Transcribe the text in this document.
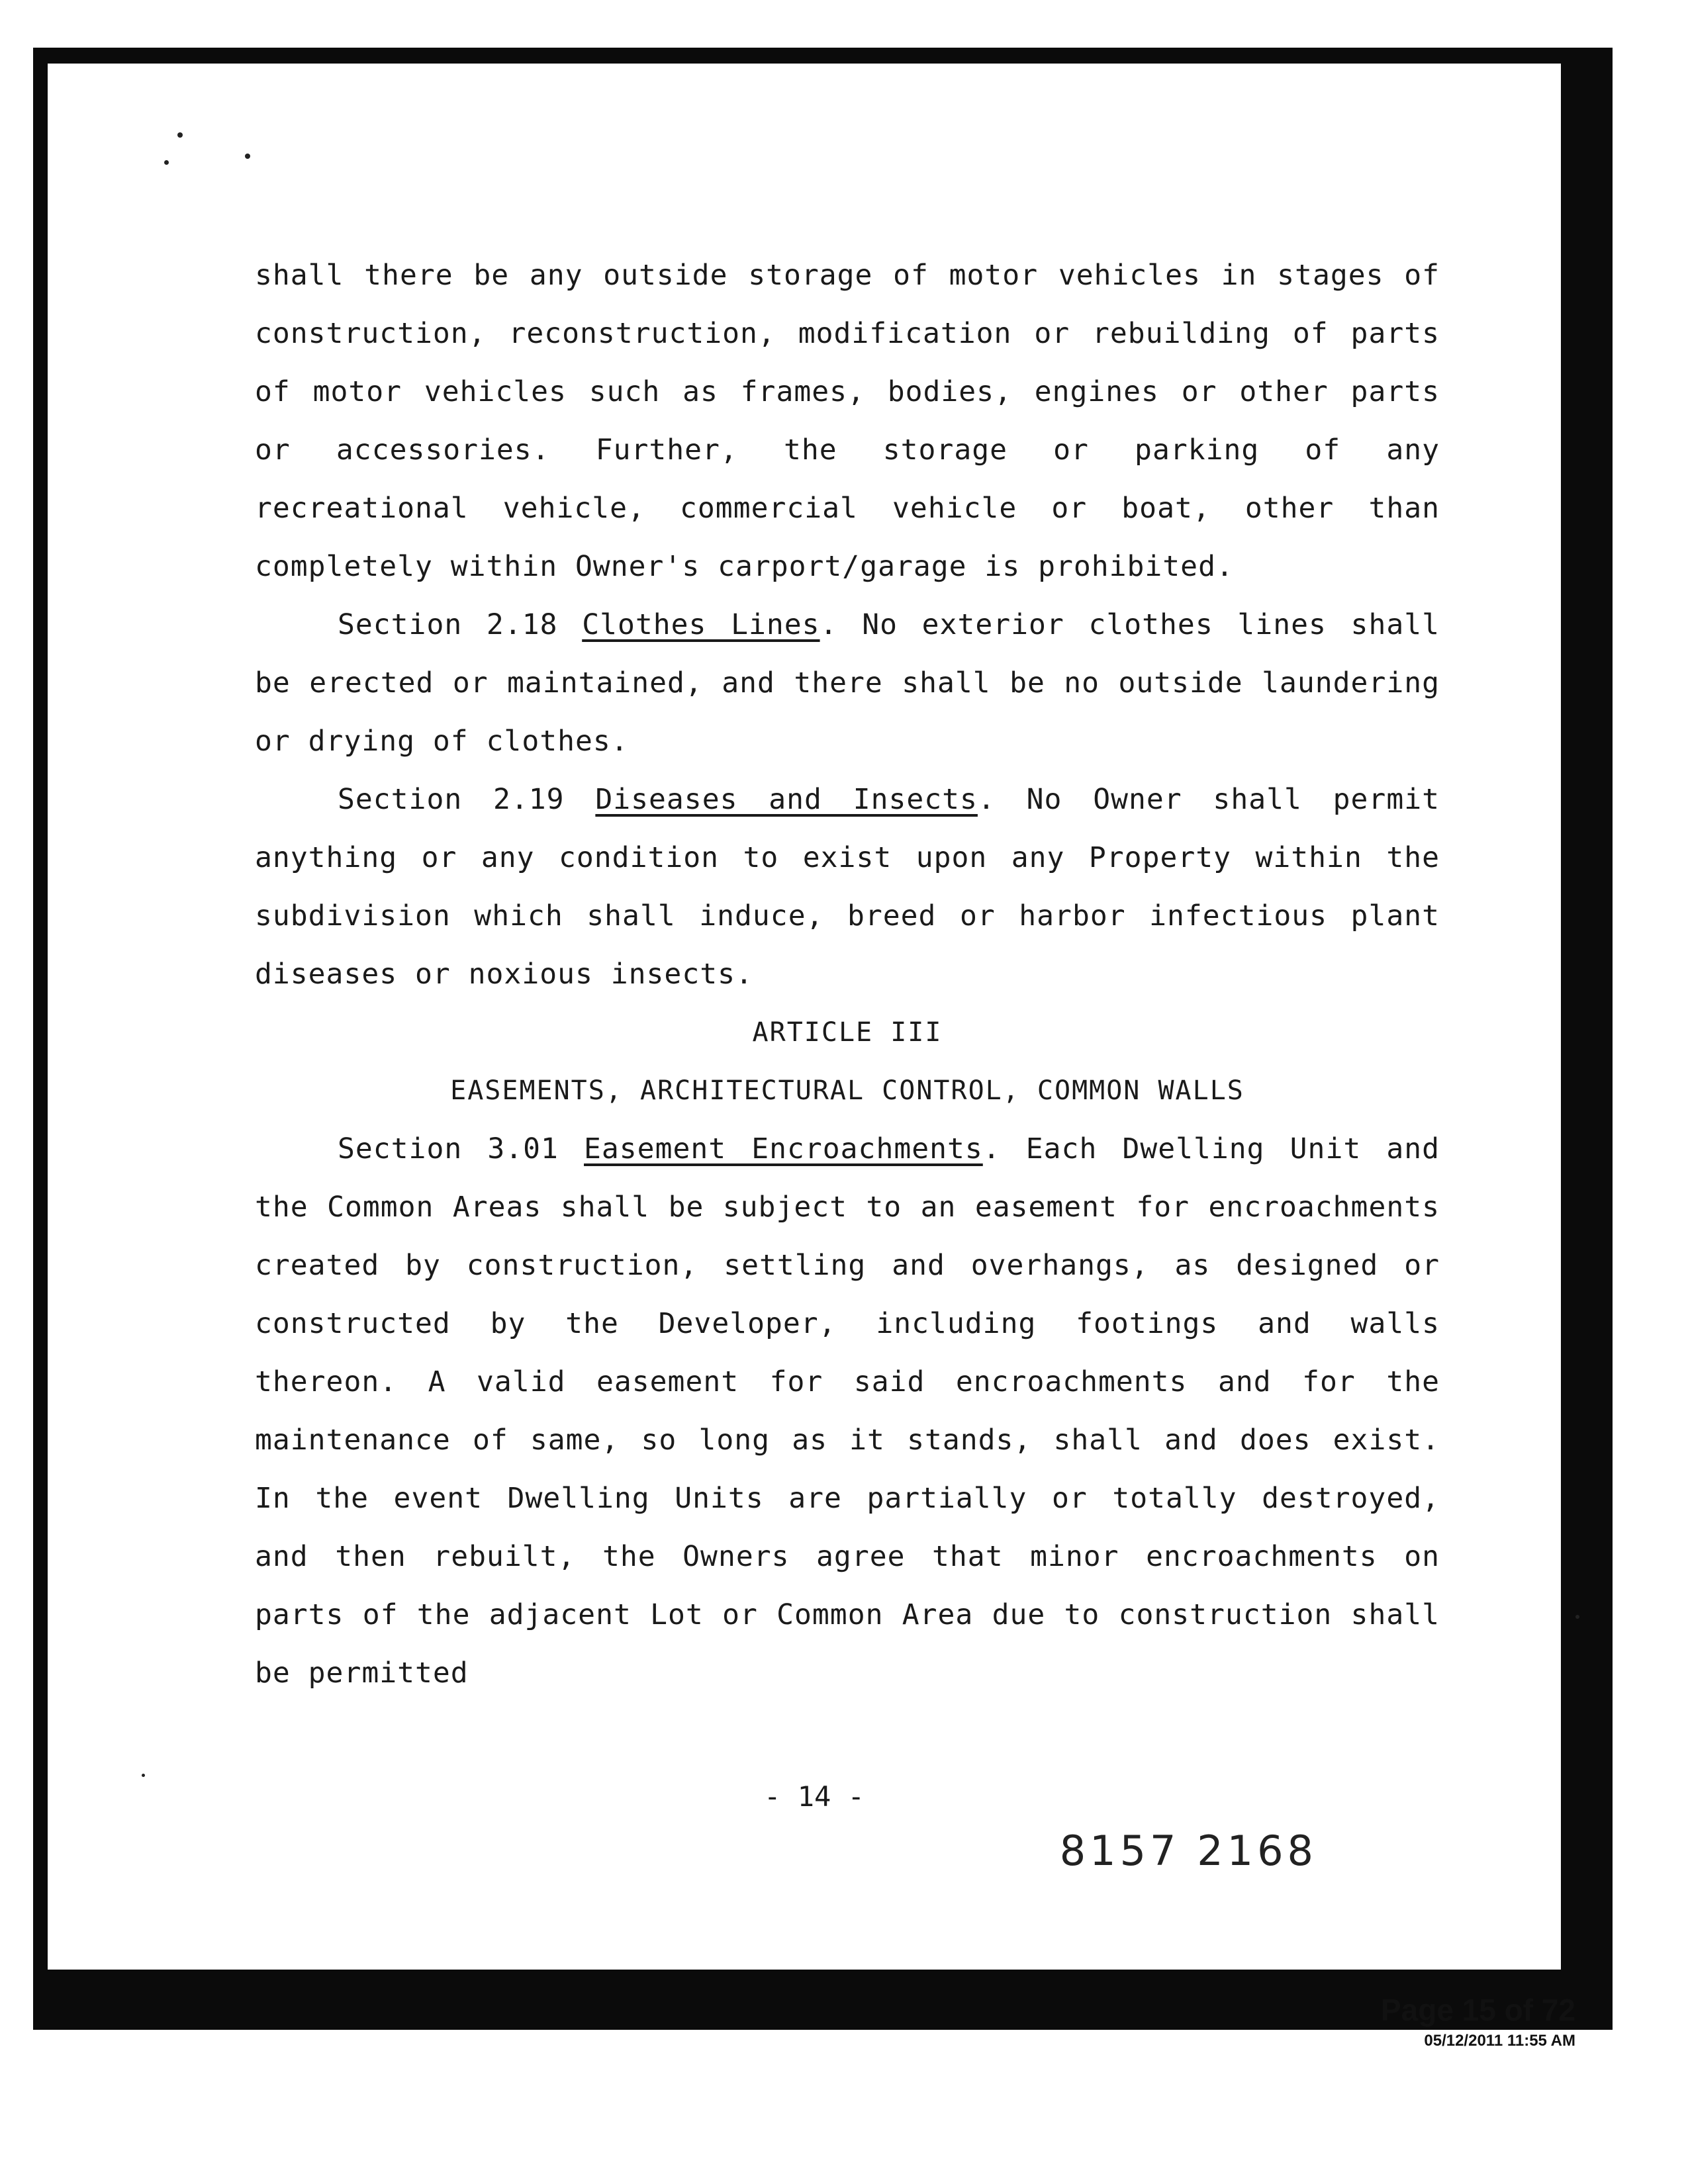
shall there be any outside storage of motor vehicles in stages of construction, reconstruction, modification or rebuilding of parts of motor vehicles such as frames, bodies, engines or other parts or accessories. Further, the storage or parking of any recreational vehicle, commercial vehicle or boat, other than completely within Owner's carport/garage is prohibited.

Section 2.18 Clothes Lines. No exterior clothes lines shall be erected or maintained, and there shall be no outside laundering or drying of clothes.

Section 2.19 Diseases and Insects. No Owner shall permit anything or any condition to exist upon any Property within the subdivision which shall induce, breed or harbor infectious plant diseases or noxious insects.

ARTICLE III

EASEMENTS, ARCHITECTURAL CONTROL, COMMON WALLS

Section 3.01 Easement Encroachments. Each Dwelling Unit and the Common Areas shall be subject to an easement for encroachments created by construction, settling and overhangs, as designed or constructed by the Developer, including footings and walls thereon. A valid easement for said encroachments and for the maintenance of same, so long as it stands, shall and does exist. In the event Dwelling Units are partially or totally destroyed, and then rebuilt, the Owners agree that minor encroachments on parts of the adjacent Lot or Common Area due to construction shall be permitted

- 14 -
8157 2168
Page 15 of 72
05/12/2011 11:55 AM
